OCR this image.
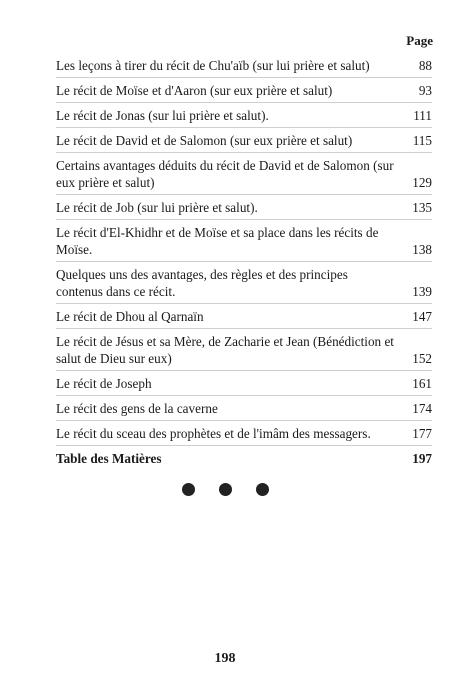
Page
Les leçons à tirer du récit de Chu'aïb (sur lui prière et salut)	88
Le récit de Moïse et d'Aaron (sur eux prière et salut)	93
Le récit de Jonas (sur lui prière et salut).	111
Le récit de David et de Salomon (sur eux prière et salut)	115
Certains avantages déduits du récit de David et de Salomon (sur eux prière et salut)	129
Le récit de Job (sur lui prière et salut).	135
Le récit d'El-Khidhr et de Moïse et sa place dans les récits de Moïse.	138
Quelques uns des avantages, des règles et des principes contenus dans ce récit.	139
Le récit de Dhou al Qarnaïn	147
Le récit de Jésus et sa Mère, de Zacharie et Jean (Bénédiction et salut de Dieu sur eux)	152
Le récit de Joseph	161
Le récit des gens de la caverne	174
Le récit du sceau des prophètes et de l'imâm des messagers.	177
Table des Matières	197

198
